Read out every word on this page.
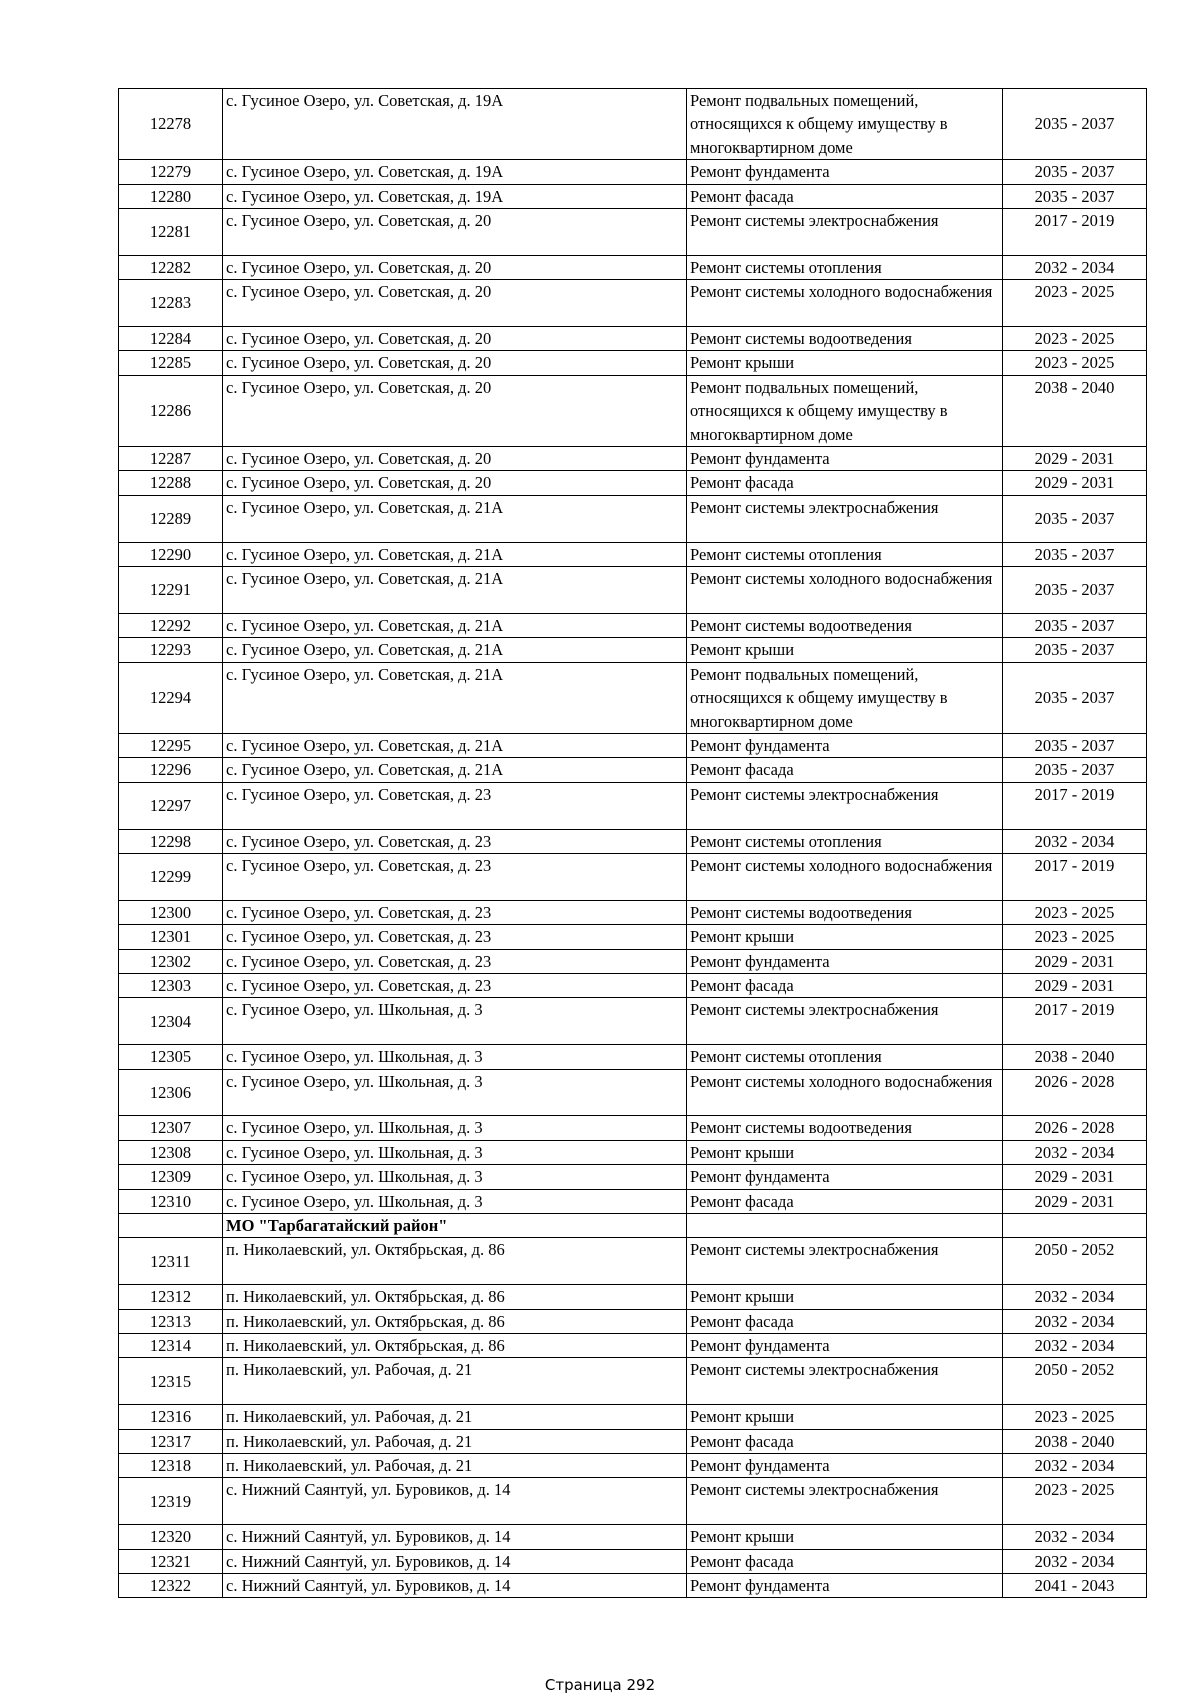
12278	с. Гусиное Озеро, ул. Советская, д. 19А	Ремонт подвальных помещений, относящихся к общему имуществу в многоквартирном доме	2035 - 2037
12279	с. Гусиное Озеро, ул. Советская, д. 19А	Ремонт фундамента	2035 - 2037
12280	с. Гусиное Озеро, ул. Советская, д. 19А	Ремонт фасада	2035 - 2037
12281	с. Гусиное Озеро, ул. Советская, д. 20	Ремонт системы электроснабжения	2017 - 2019
12282	с. Гусиное Озеро, ул. Советская, д. 20	Ремонт системы отопления	2032 - 2034
12283	с. Гусиное Озеро, ул. Советская, д. 20	Ремонт системы холодного водоснабжения	2023 - 2025
12284	с. Гусиное Озеро, ул. Советская, д. 20	Ремонт системы водоотведения	2023 - 2025
12285	с. Гусиное Озеро, ул. Советская, д. 20	Ремонт крыши	2023 - 2025
12286	с. Гусиное Озеро, ул. Советская, д. 20	Ремонт подвальных помещений, относящихся к общему имуществу в многоквартирном доме	2038 - 2040
12287	с. Гусиное Озеро, ул. Советская, д. 20	Ремонт фундамента	2029 - 2031
12288	с. Гусиное Озеро, ул. Советская, д. 20	Ремонт фасада	2029 - 2031
12289	с. Гусиное Озеро, ул. Советская, д. 21А	Ремонт системы электроснабжения	2035 - 2037
12290	с. Гусиное Озеро, ул. Советская, д. 21А	Ремонт системы отопления	2035 - 2037
12291	с. Гусиное Озеро, ул. Советская, д. 21А	Ремонт системы холодного водоснабжения	2035 - 2037
12292	с. Гусиное Озеро, ул. Советская, д. 21А	Ремонт системы водоотведения	2035 - 2037
12293	с. Гусиное Озеро, ул. Советская, д. 21А	Ремонт крыши	2035 - 2037
12294	с. Гусиное Озеро, ул. Советская, д. 21А	Ремонт подвальных помещений, относящихся к общему имуществу в многоквартирном доме	2035 - 2037
12295	с. Гусиное Озеро, ул. Советская, д. 21А	Ремонт фундамента	2035 - 2037
12296	с. Гусиное Озеро, ул. Советская, д. 21А	Ремонт фасада	2035 - 2037
12297	с. Гусиное Озеро, ул. Советская, д. 23	Ремонт системы электроснабжения	2017 - 2019
12298	с. Гусиное Озеро, ул. Советская, д. 23	Ремонт системы отопления	2032 - 2034
12299	с. Гусиное Озеро, ул. Советская, д. 23	Ремонт системы холодного водоснабжения	2017 - 2019
12300	с. Гусиное Озеро, ул. Советская, д. 23	Ремонт системы водоотведения	2023 - 2025
12301	с. Гусиное Озеро, ул. Советская, д. 23	Ремонт крыши	2023 - 2025
12302	с. Гусиное Озеро, ул. Советская, д. 23	Ремонт фундамента	2029 - 2031
12303	с. Гусиное Озеро, ул. Советская, д. 23	Ремонт фасада	2029 - 2031
12304	с. Гусиное Озеро, ул. Школьная, д. 3	Ремонт системы электроснабжения	2017 - 2019
12305	с. Гусиное Озеро, ул. Школьная, д. 3	Ремонт системы отопления	2038 - 2040
12306	с. Гусиное Озеро, ул. Школьная, д. 3	Ремонт системы холодного водоснабжения	2026 - 2028
12307	с. Гусиное Озеро, ул. Школьная, д. 3	Ремонт системы водоотведения	2026 - 2028
12308	с. Гусиное Озеро, ул. Школьная, д. 3	Ремонт крыши	2032 - 2034
12309	с. Гусиное Озеро, ул. Школьная, д. 3	Ремонт фундамента	2029 - 2031
12310	с. Гусиное Озеро, ул. Школьная, д. 3	Ремонт фасада	2029 - 2031
	МО "Тарбагатайский район"		
12311	п. Николаевский, ул. Октябрьская, д. 86	Ремонт системы электроснабжения	2050 - 2052
12312	п. Николаевский, ул. Октябрьская, д. 86	Ремонт крыши	2032 - 2034
12313	п. Николаевский, ул. Октябрьская, д. 86	Ремонт фасада	2032 - 2034
12314	п. Николаевский, ул. Октябрьская, д. 86	Ремонт фундамента	2032 - 2034
12315	п. Николаевский, ул. Рабочая, д. 21	Ремонт системы электроснабжения	2050 - 2052
12316	п. Николаевский, ул. Рабочая, д. 21	Ремонт крыши	2023 - 2025
12317	п. Николаевский, ул. Рабочая, д. 21	Ремонт фасада	2038 - 2040
12318	п. Николаевский, ул. Рабочая, д. 21	Ремонт фундамента	2032 - 2034
12319	с. Нижний Саянтуй, ул. Буровиков, д. 14	Ремонт системы электроснабжения	2023 - 2025
12320	с. Нижний Саянтуй, ул. Буровиков, д. 14	Ремонт крыши	2032 - 2034
12321	с. Нижний Саянтуй, ул. Буровиков, д. 14	Ремонт фасада	2032 - 2034
12322	с. Нижний Саянтуй, ул. Буровиков, д. 14	Ремонт фундамента	2041 - 2043
Страница 292
